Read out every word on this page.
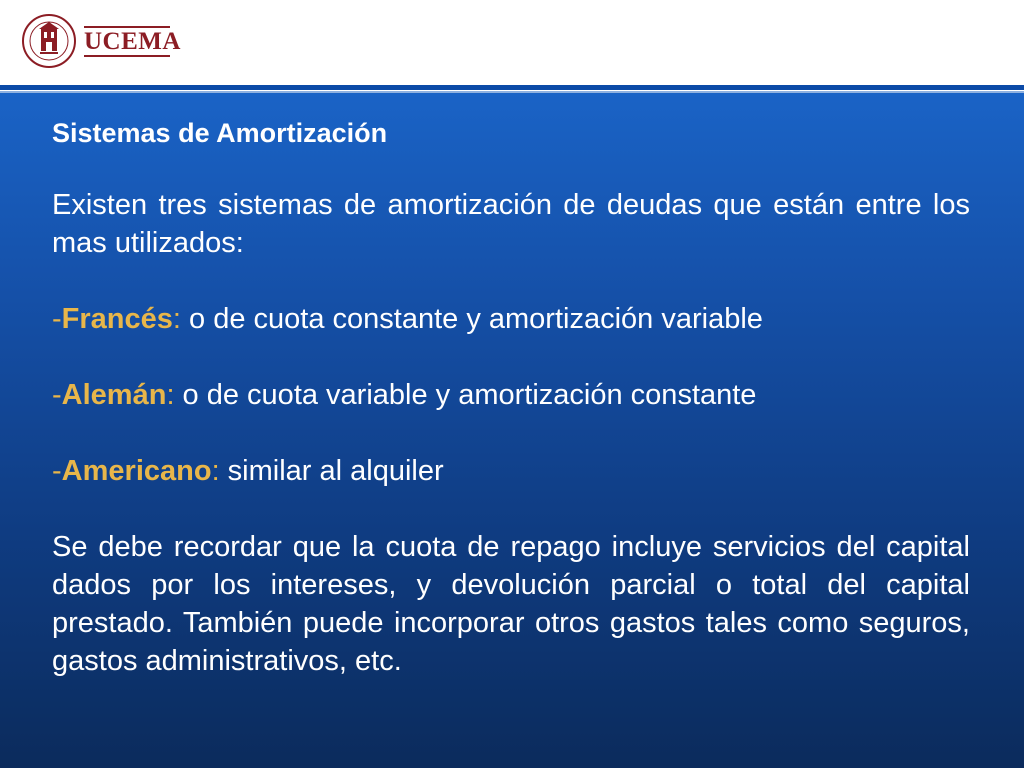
UCEMA
Sistemas de Amortización

Existen tres sistemas de amortización de deudas que están entre los mas utilizados:

-Francés: o de cuota constante y amortización variable

-Alemán: o de cuota variable y amortización constante

-Americano: similar al alquiler

Se debe recordar que la cuota de repago incluye servicios del capital dados por los intereses, y devolución parcial o total del capital prestado. También puede incorporar otros gastos tales como seguros, gastos administrativos, etc.
